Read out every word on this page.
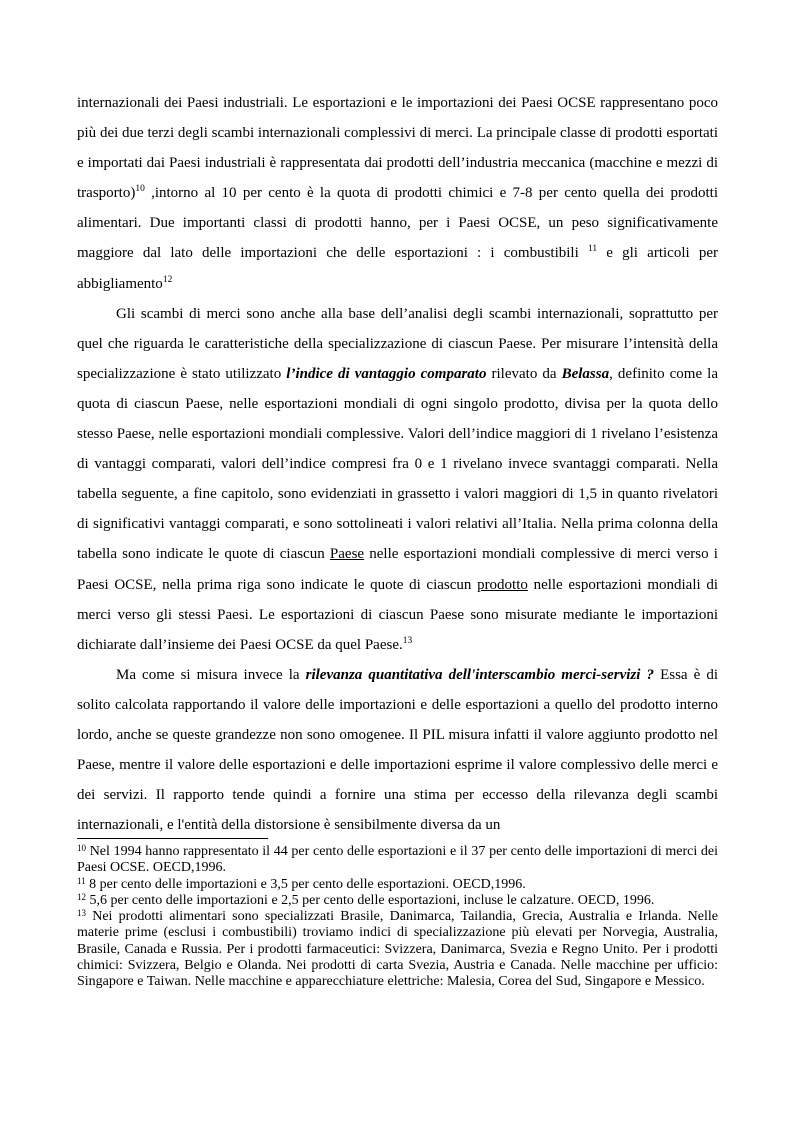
internazionali dei Paesi industriali. Le esportazioni e le importazioni dei Paesi OCSE rappresentano poco più dei due terzi degli scambi internazionali complessivi di merci. La principale classe di prodotti esportati e importati dai Paesi industriali è rappresentata dai prodotti dell’industria meccanica (macchine e mezzi di trasporto)$^{10}$ ,intorno al 10 per cento è la quota di prodotti chimici e 7-8 per cento quella dei prodotti alimentari. Due importanti classi di prodotti hanno, per i Paesi OCSE, un peso significativamente maggiore dal lato delle importazioni che delle esportazioni : i combustibili $^{11}$ e gli articoli per abbigliamento$^{12}$

Gli scambi di merci sono anche alla base dell’analisi degli scambi internazionali, soprattutto per quel che riguarda le caratteristiche della specializzazione di ciascun Paese. Per misurare l’intensità della specializzazione è stato utilizzato l’indice di vantaggio comparato rilevato da Belassa, definito come la quota di ciascun Paese, nelle esportazioni mondiali di ogni singolo prodotto, divisa per la quota dello stesso Paese, nelle esportazioni mondiali complessive. Valori dell’indice maggiori di 1 rivelano l’esistenza di vantaggi comparati, valori dell’indice compresi fra 0 e 1 rivelano invece svantaggi comparati. Nella tabella seguente, a fine capitolo, sono evidenziati in grassetto i valori maggiori di 1,5 in quanto rivelatori di significativi vantaggi comparati, e sono sottolineati i valori relativi all’Italia. Nella prima colonna della tabella sono indicate le quote di ciascun Paese nelle esportazioni mondiali complessive di merci verso i Paesi OCSE, nella prima riga sono indicate le quote di ciascun prodotto nelle esportazioni mondiali di merci verso gli stessi Paesi. Le esportazioni di ciascun Paese sono misurate mediante le importazioni dichiarate dall’insieme dei Paesi OCSE da quel Paese.$^{13}$

Ma come si misura invece la rilevanza quantitativa dell'interscambio merci-servizi ? Essa è di solito calcolata rapportando il valore delle importazioni e delle esportazioni a quello del prodotto interno lordo, anche se queste grandezze non sono omogenee. Il PIL misura infatti il valore aggiunto prodotto nel Paese, mentre il valore delle esportazioni e delle importazioni esprime il valore complessivo delle merci e dei servizi. Il rapporto tende quindi a fornire una stima per eccesso della rilevanza degli scambi internazionali, e l'entità della distorsione è sensibilmente diversa da un

$^{10}$ Nel 1994 hanno rappresentato il 44 per cento delle esportazioni e il 37 per cento delle importazioni di merci dei Paesi OCSE. OECD,1996.

$^{11}$ 8 per cento delle importazioni e 3,5 per cento delle esportazioni. OECD,1996.

$^{12}$ 5,6 per cento delle importazioni e 2,5 per cento delle esportazioni, incluse le calzature. OECD, 1996.

$^{13}$ Nei prodotti alimentari sono specializzati Brasile, Danimarca, Tailandia, Grecia, Australia e Irlanda. Nelle materie prime (esclusi i combustibili) troviamo indici di specializzazione più elevati per Norvegia, Australia, Brasile, Canada e Russia. Per i prodotti farmaceutici: Svizzera, Danimarca, Svezia e Regno Unito. Per i prodotti chimici: Svizzera, Belgio e Olanda. Nei prodotti di carta Svezia, Austria e Canada. Nelle macchine per ufficio: Singapore e Taiwan. Nelle macchine e apparecchiature elettriche: Malesia, Corea del Sud, Singapore e Messico.
